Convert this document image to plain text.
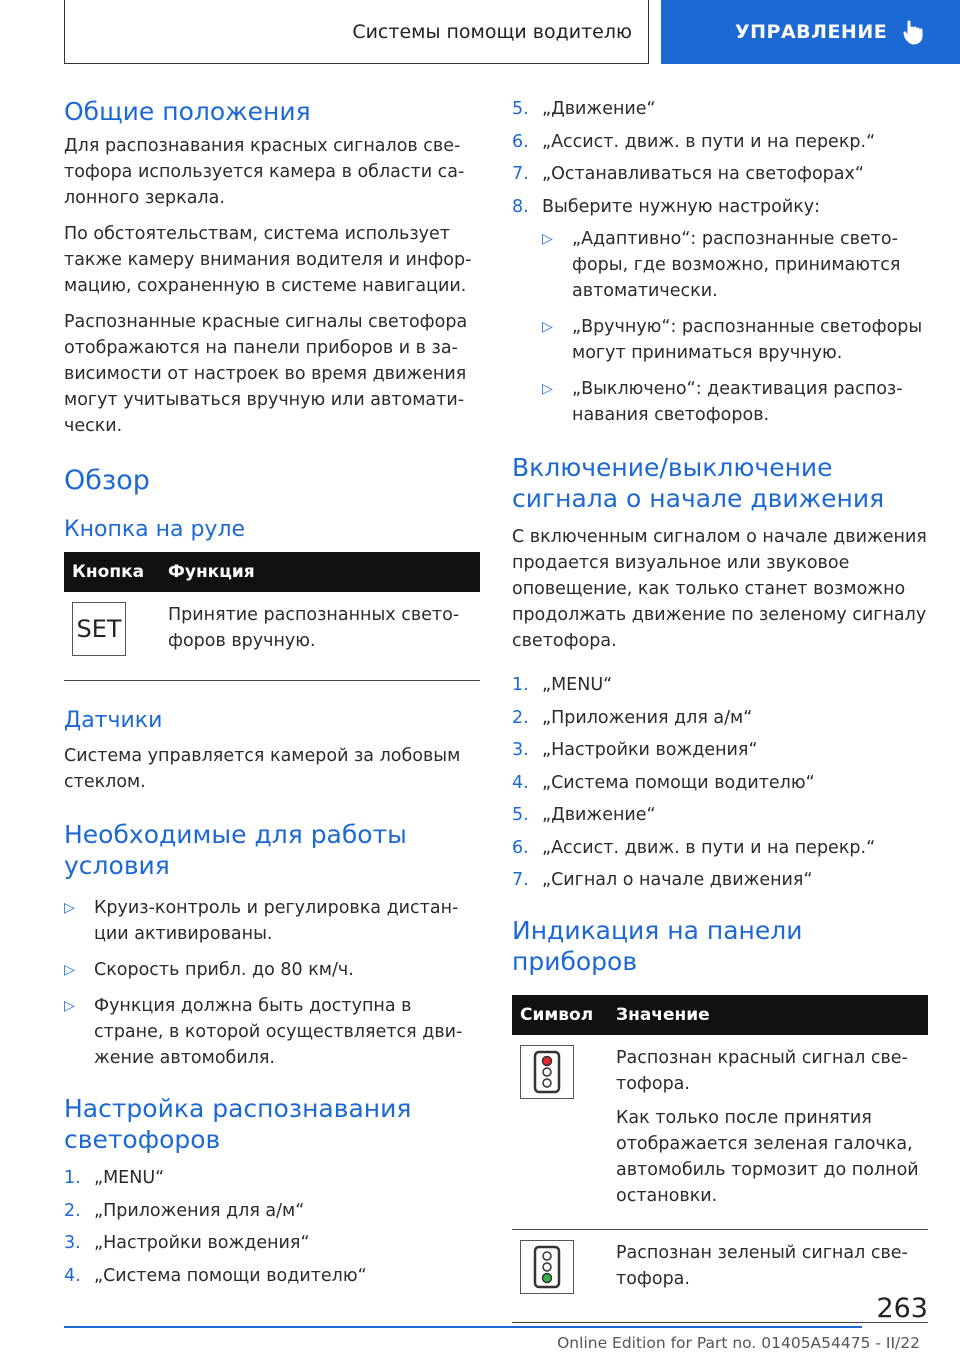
Системы помощи водителю	УПРАВЛЕНИЕ
Общие положения

Для распознавания красных сигналов светофора используется камера в области салонного зеркала.

По обстоятельствам, система использует также камеру внимания водителя и информацию, сохраненную в системе навигации.

Распознанные красные сигналы светофора отображаются на панели приборов и в зависимости от настроек во время движения могут учитываться вручную или автоматически.

Обзор
Кнопка на руле
Кнопка	Функция

SET	Принятие распознанных светофоров вручную.
Датчики

Система управляется камерой за лобовым стеклом.

Необходимые для работы условия
▷	Круиз-контроль и регулировка дистанции активированы.
▷	Скорость прибл. до 80 км/ч.
▷	Функция должна быть доступна в стране, в которой осуществляется движение автомобиля.
Настройка распознавания светофоров
1. „MENU“
2. „Приложения для а/м“
3. „Настройки вождения“
4. „Система помощи водителю“
5. „Движение“
6. „Ассист. движ. в пути и на перекр.“
7. „Останавливаться на светофорах“
8. Выберите нужную настройку:
▷	„Адаптивно“: распознанные светофоры, где возможно, принимаются автоматически.
▷	„Вручную“: распознанные светофоры могут приниматься вручную.
▷	„Выключено“: деактивация распознавания светофоров.
Включение/выключение сигнала о начале движения

С включенным сигналом о начале движения продается визуальное или звуковое оповещение, как только станет возможно продолжать движение по зеленому сигналу светофора.

1. „MENU“
2. „Приложения для а/м“
3. „Настройки вождения“
4. „Система помощи водителю“
5. „Движение“
6. „Ассист. движ. в пути и на перекр.“
7. „Сигнал о начале движения“
Индикация на панели приборов
Символ	Значение

Распознан красный сигнал светофора.

Как только после принятия отображается зеленая галочка, автомобиль тормозит до полной остановки.

Распознан зеленый сигнал светофора.

263
Online Edition for Part no. 01405A54475 - II/22
